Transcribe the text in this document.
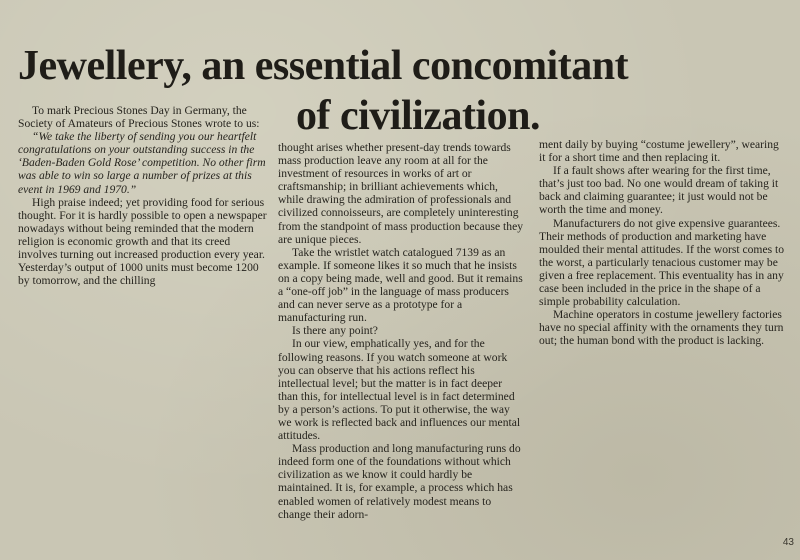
Jewellery, an essential concomitant
of civilization.

To mark Precious Stones Day in Germany, the Society of Amateurs of Precious Stones wrote to us:

“We take the liberty of sending you our heartfelt congratulations on your outstanding success in the ‘Baden-Baden Gold Rose’ competition. No other firm was able to win so large a number of prizes at this event in 1969 and 1970.”

High praise indeed; yet providing food for serious thought. For it is hardly possible to open a newspaper nowadays without being reminded that the modern religion is economic growth and that its creed involves turning out increased production every year. Yesterday’s output of 1000 units must become 1200 by tomorrow, and the chilling

thought arises whether present-day trends towards mass production leave any room at all for the investment of resources in works of art or craftsmanship; in brilliant achievements which, while drawing the admiration of professionals and civilized connoisseurs, are completely uninteresting from the standpoint of mass production because they are unique pieces.

Take the wristlet watch catalogued 7139 as an example. If someone likes it so much that he insists on a copy being made, well and good. But it remains a “one-off job” in the language of mass producers and can never serve as a prototype for a manufacturing run.

Is there any point?

In our view, emphatically yes, and for the following reasons. If you watch someone at work you can observe that his actions reflect his intellectual level; but the matter is in fact deeper than this, for intellectual level is in fact determined by a person’s actions. To put it otherwise, the way we work is reflected back and influences our mental attitudes.

Mass production and long manufacturing runs do indeed form one of the foundations without which civilization as we know it could hardly be maintained. It is, for example, a process which has enabled women of relatively modest means to change their adorn-

ment daily by buying “costume jewellery”, wearing it for a short time and then replacing it.

If a fault shows after wearing for the first time, that’s just too bad. No one would dream of taking it back and claiming guarantee; it just would not be worth the time and money.

Manufacturers do not give expensive guarantees. Their methods of production and marketing have moulded their mental attitudes. If the worst comes to the worst, a particularly tenacious customer may be given a free replacement. This eventuality has in any case been included in the price in the shape of a simple probability calculation.

Machine operators in costume jewellery factories have no special affinity with the ornaments they turn out; the human bond with the product is lacking.

43
